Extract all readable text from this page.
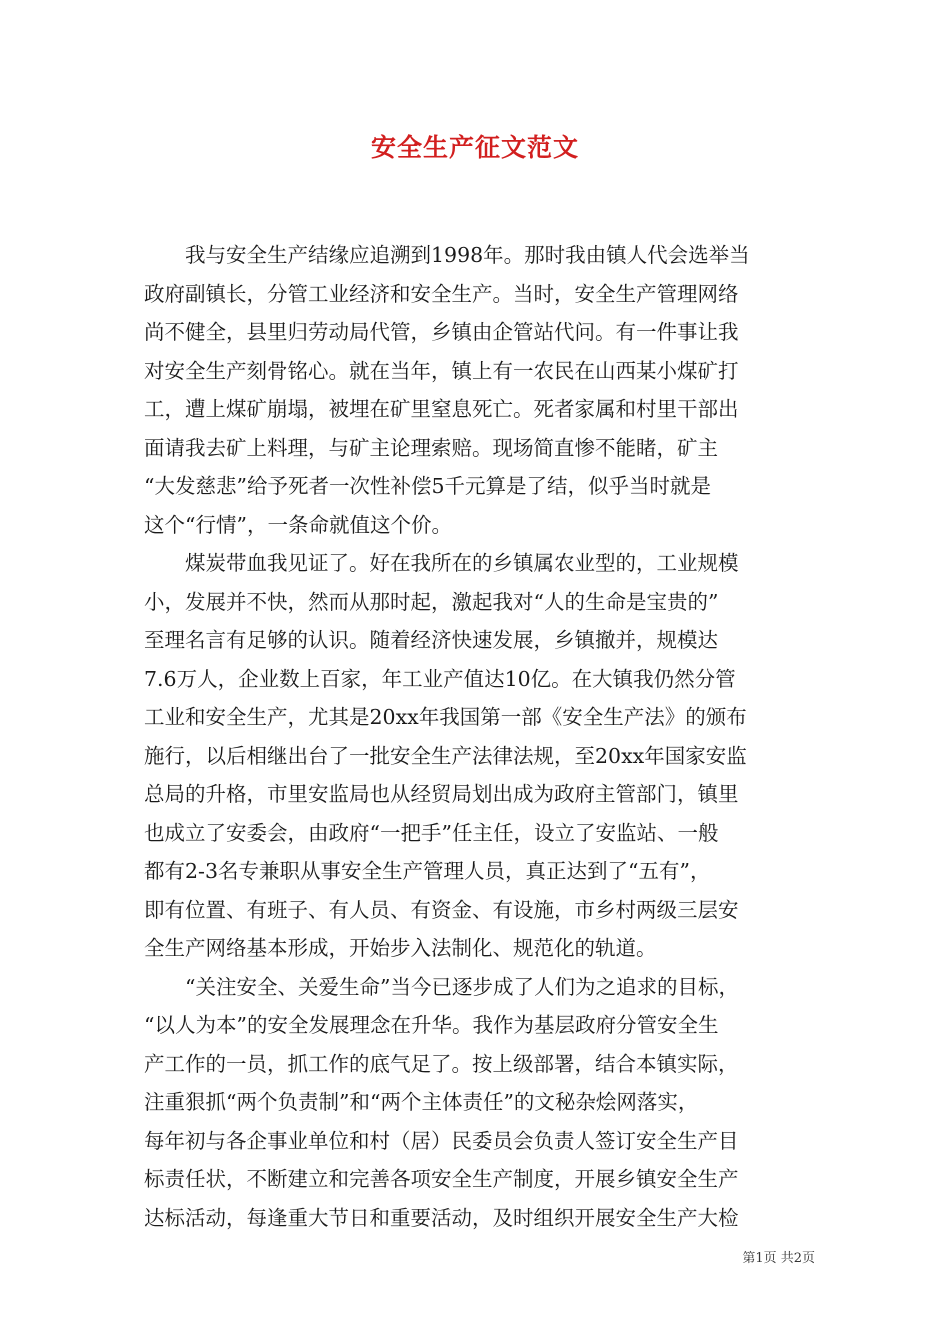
安全生产征文范文
　　我与安全生产结缘应追溯到1998年。那时我由镇人代会选举当
政府副镇长，分管工业经济和安全生产。当时，安全生产管理网络
尚不健全，县里归劳动局代管，乡镇由企管站代问。有一件事让我
对安全生产刻骨铭心。就在当年，镇上有一农民在山西某小煤矿打
工，遭上煤矿崩塌，被埋在矿里窒息死亡。死者家属和村里干部出
面请我去矿上料理，与矿主论理索赔。现场简直惨不能睹，矿主
“大发慈悲”给予死者一次性补偿5千元算是了结，似乎当时就是
这个“行情”，一条命就值这个价。
　　煤炭带血我见证了。好在我所在的乡镇属农业型的，工业规模
小，发展并不快，然而从那时起，激起我对“人的生命是宝贵的”
至理名言有足够的认识。随着经济快速发展，乡镇撤并，规模达
7.6万人，企业数上百家，年工业产值达10亿。在大镇我仍然分管
工业和安全生产，尤其是20xx年我国第一部《安全生产法》的颁布
施行，以后相继出台了一批安全生产法律法规，至20xx年国家安监
总局的升格，市里安监局也从经贸局划出成为政府主管部门，镇里
也成立了安委会，由政府“一把手”任主任，设立了安监站、一般
都有2-3名专兼职从事安全生产管理人员，真正达到了“五有”，
即有位置、有班子、有人员、有资金、有设施，市乡村两级三层安
全生产网络基本形成，开始步入法制化、规范化的轨道。
　　“关注安全、关爱生命”当今已逐步成了人们为之追求的目标，
“以人为本”的安全发展理念在升华。我作为基层政府分管安全生
产工作的一员，抓工作的底气足了。按上级部署，结合本镇实际，
注重狠抓“两个负责制”和“两个主体责任”的文秘杂烩网落实，
每年初与各企事业单位和村（居）民委员会负责人签订安全生产目
标责任状，不断建立和完善各项安全生产制度，开展乡镇安全生产
达标活动，每逢重大节日和重要活动，及时组织开展安全生产大检
第1页 共2页
